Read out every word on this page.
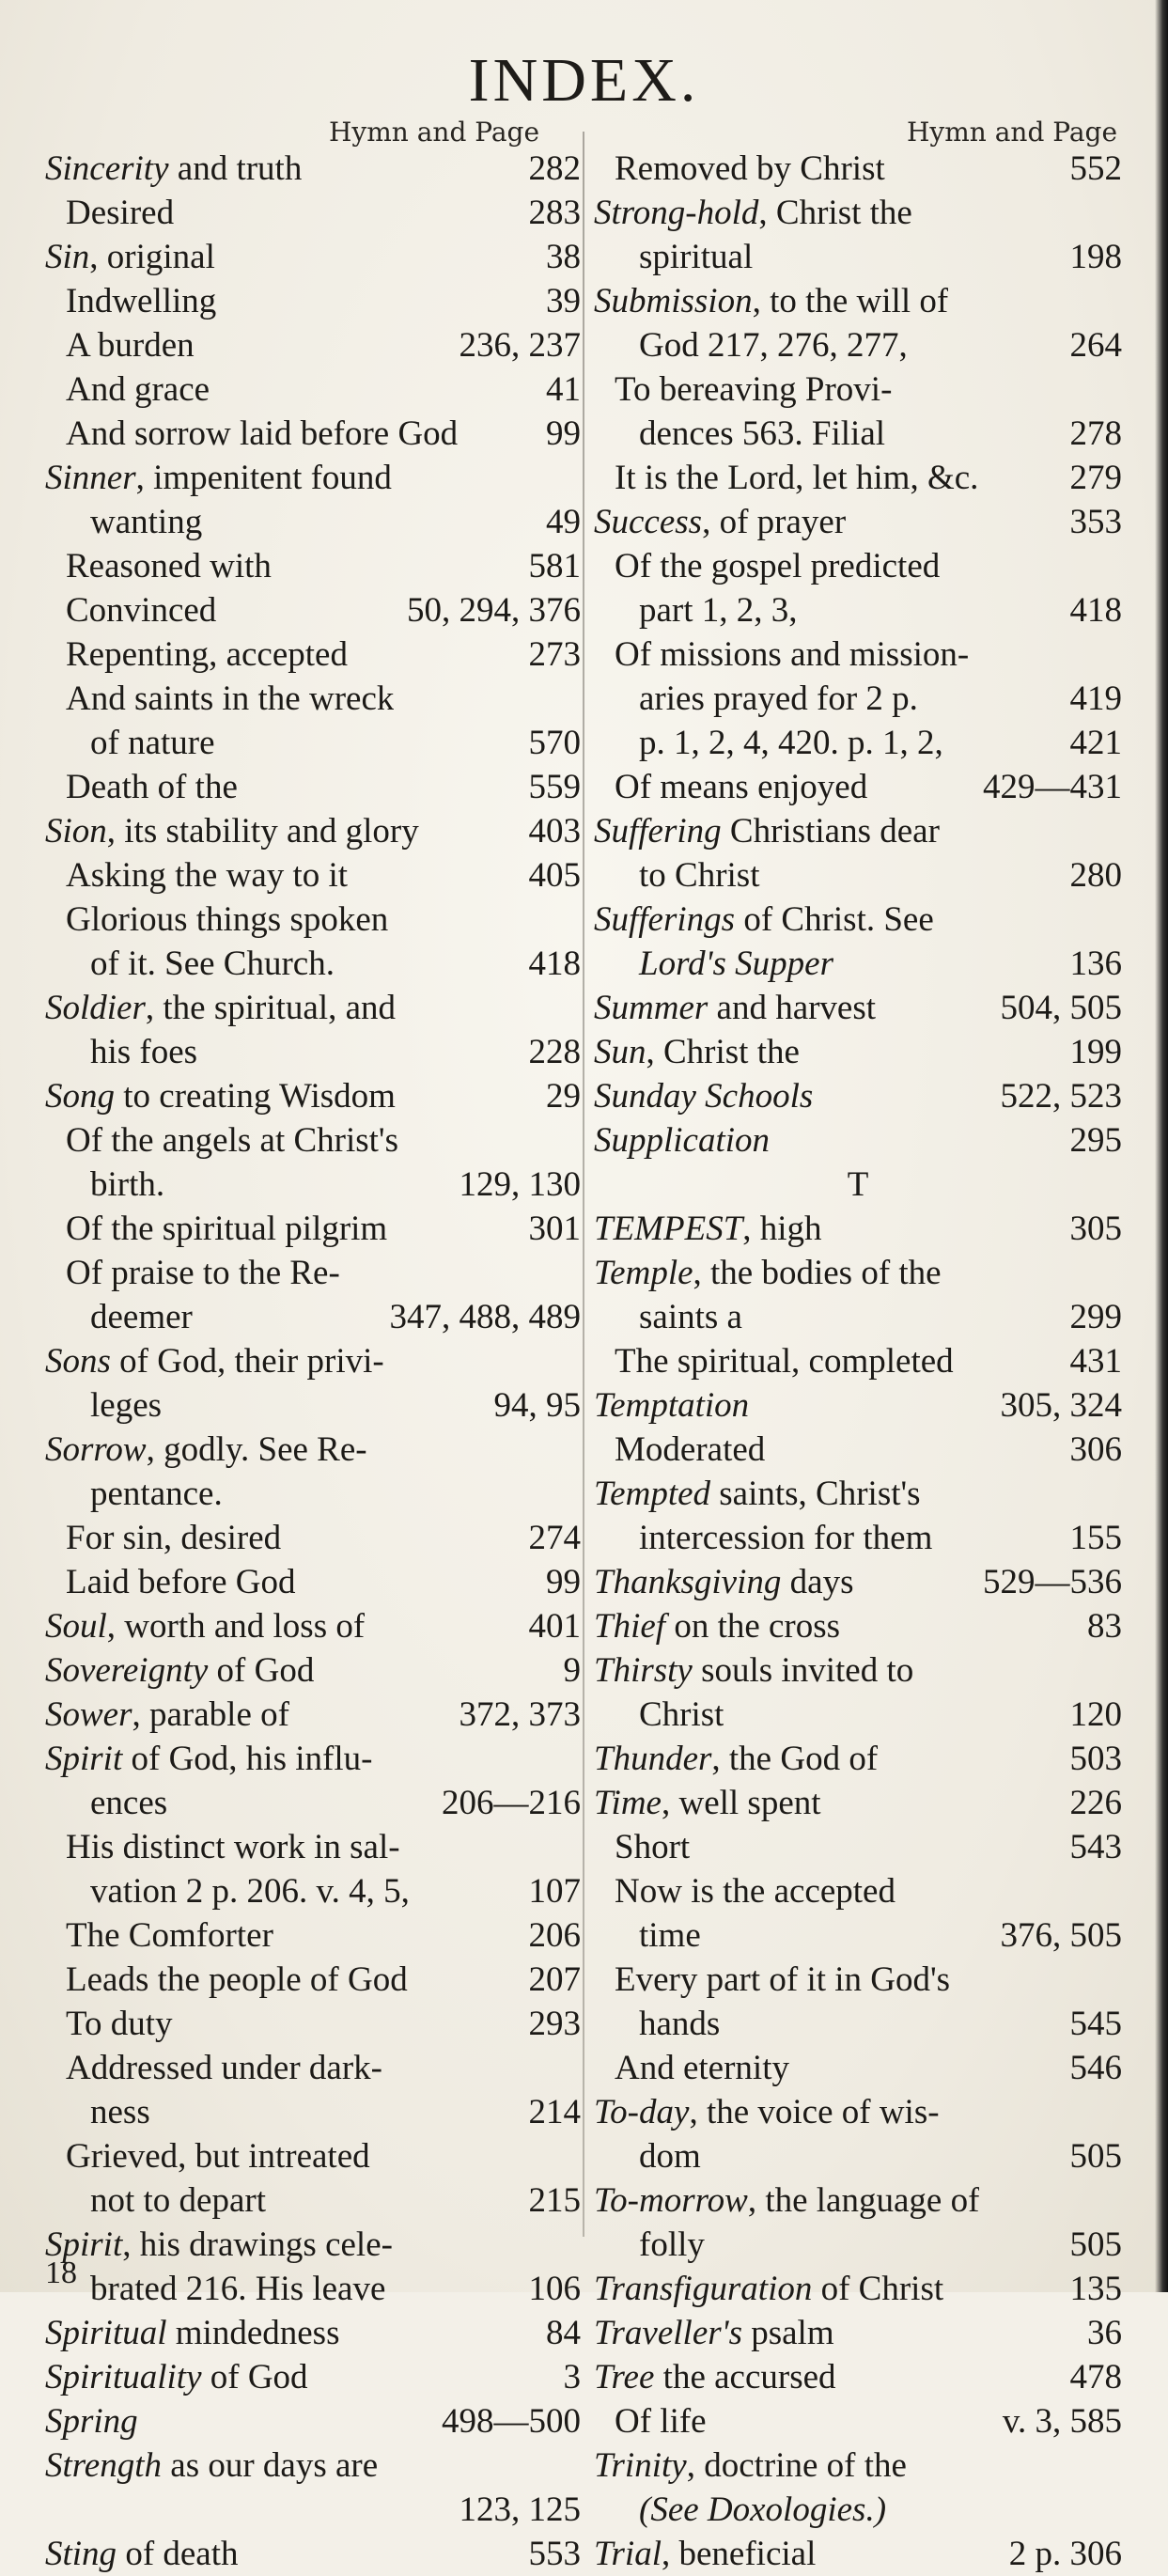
INDEX.
Hymn and Page	Hymn and Page
Sincerity and truth	282
Desired	283
Sin, original	38
Indwelling	39
A burden	236, 237
And grace	41
And sorrow laid before God	99
Sinner, impenitent found
wanting	49
Reasoned with	581
Convinced	50, 294, 376
Repenting, accepted	273
And saints in the wreck
of nature	570
Death of the	559
Sion, its stability and glory	403
Asking the way to it	405
Glorious things spoken
of it. See Church.	418
Soldier, the spiritual, and
his foes	228
Song to creating Wisdom	29
Of the angels at Christ's
birth.	129, 130
Of the spiritual pilgrim	301
Of praise to the Re-
deemer	347, 488, 489
Sons of God, their privi-
leges	94, 95
Sorrow, godly. See Re-
pentance.
For sin, desired	274
Laid before God	99
Soul, worth and loss of	401
Sovereignty of God	9
Sower, parable of	372, 373
Spirit of God, his influ-
ences	206—216
His distinct work in sal-
vation 2 p. 206. v. 4, 5,	107
The Comforter	206
Leads the people of God	207
To duty	293
Addressed under dark-
ness	214
Grieved, but intreated
not to depart	215
Spirit, his drawings cele-
brated 216. His leave	106
Spiritual mindedness	84
Spirituality of God	3
Spring	498—500
Strength as our days are
123, 125
Sting of death	553
Removed by Christ	552
Strong-hold, Christ the
spiritual	198
Submission, to the will of
God 217, 276, 277,	264
To bereaving Provi-
dences 563. Filial	278
It is the Lord, let him, &c.	279
Success, of prayer	353
Of the gospel predicted
part 1, 2, 3,	418
Of missions and mission-
aries prayed for 2 p.	419
p. 1, 2, 4, 420. p. 1, 2,	421
Of means enjoyed	429—431
Suffering Christians dear
to Christ	280
Sufferings of Christ. See
Lord's Supper	136
Summer and harvest	504, 505
Sun, Christ the	199
Sunday Schools	522, 523
Supplication	295
T
TEMPEST, high	305
Temple, the bodies of the
saints a	299
The spiritual, completed	431
Temptation	305, 324
Moderated	306
Tempted saints, Christ's
intercession for them	155
Thanksgiving days	529—536
Thief on the cross	83
Thirsty souls invited to
Christ	120
Thunder, the God of	503
Time, well spent	226
Short	543
Now is the accepted
time	376, 505
Every part of it in God's
hands	545
And eternity	546
To-day, the voice of wis-
dom	505
To-morrow, the language of
folly	505
Transfiguration of Christ	135
Traveller's psalm	36
Tree the accursed	478
Of life	v. 3, 585
Trinity, doctrine of the
(See Doxologies.)
Trial, beneficial	2 p. 306
18
